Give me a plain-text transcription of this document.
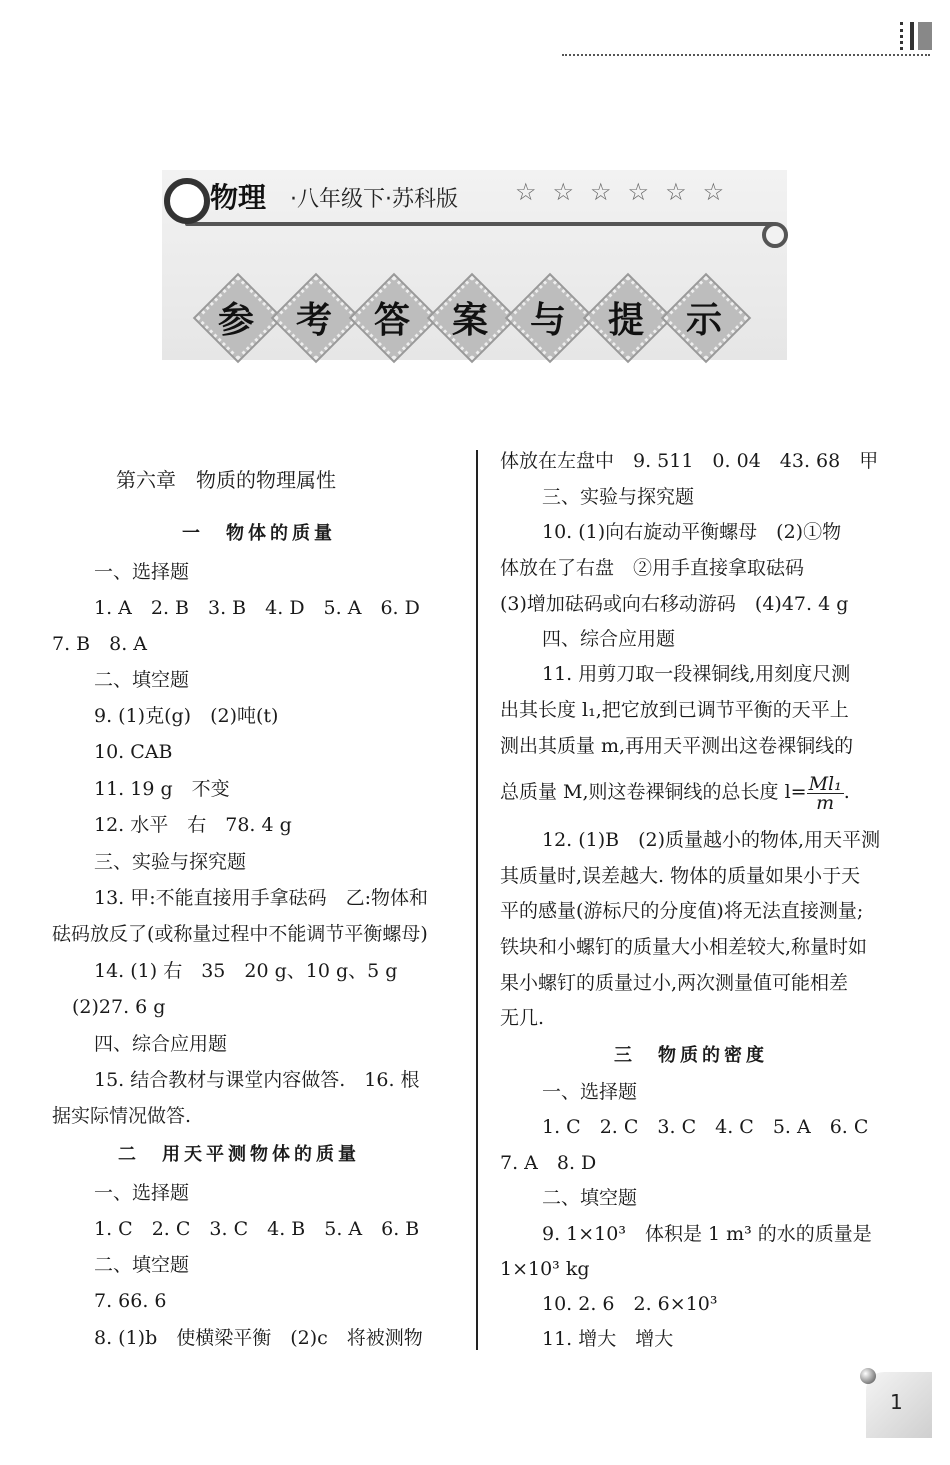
物理 ·八年级下·苏科版 ☆☆☆☆☆☆
参	考	答	案	与	提	示
第六章　物质的物理属性
一　物体的质量
一、选择题
1. A　2. B　3. B　4. D　5. A　6. D
7. B　8. A
二、填空题
9. (1)克(g)　(2)吨(t)
10. CAB
11. 19 g　不变
12. 水平　右　78. 4 g
三、实验与探究题
13. 甲:不能直接用手拿砝码　乙:物体和
砝码放反了(或称量过程中不能调节平衡螺母)
14. (1) 右　35　20 g、10 g、5 g
(2)27. 6 g
四、综合应用题
15. 结合教材与课堂内容做答.　16. 根
据实际情况做答.
二　用天平测物体的质量
一、选择题
1. C　2. C　3. C　4. B　5. A　6. B
二、填空题
7. 66. 6
8. (1)b　使横梁平衡　(2)c　将被测物
体放在左盘中　9. 511　0. 04　43. 68　甲
三、实验与探究题
10. (1)向右旋动平衡螺母　(2)①物
体放在了右盘　②用手直接拿取砝码
(3)增加砝码或向右移动游码　(4)47. 4 g
四、综合应用题
11. 用剪刀取一段裸铜线,用刻度尺测
出其长度 l₁,把它放到已调节平衡的天平上
测出其质量 m,再用天平测出这卷裸铜线的
总质量 M,则这卷裸铜线的总长度 $l= \frac{\text{Ml₁}}{m}$ .
12. (1)B　(2)质量越小的物体,用天平测
其质量时,误差越大. 物体的质量如果小于天
平的感量(游标尺的分度值)将无法直接测量;
铁块和小螺钉的质量大小相差较大,称量时如
果小螺钉的质量过小,两次测量值可能相差
无几.
三　物质的密度
一、选择题
1. C　2. C　3. C　4. C　5. A　6. C
7. A　8. D
二、填空题
9. 1×10³　体积是 1 m³ 的水的质量是
1×10³ kg
10. 2. 6　2. 6×10³
11. 增大　增大
1
